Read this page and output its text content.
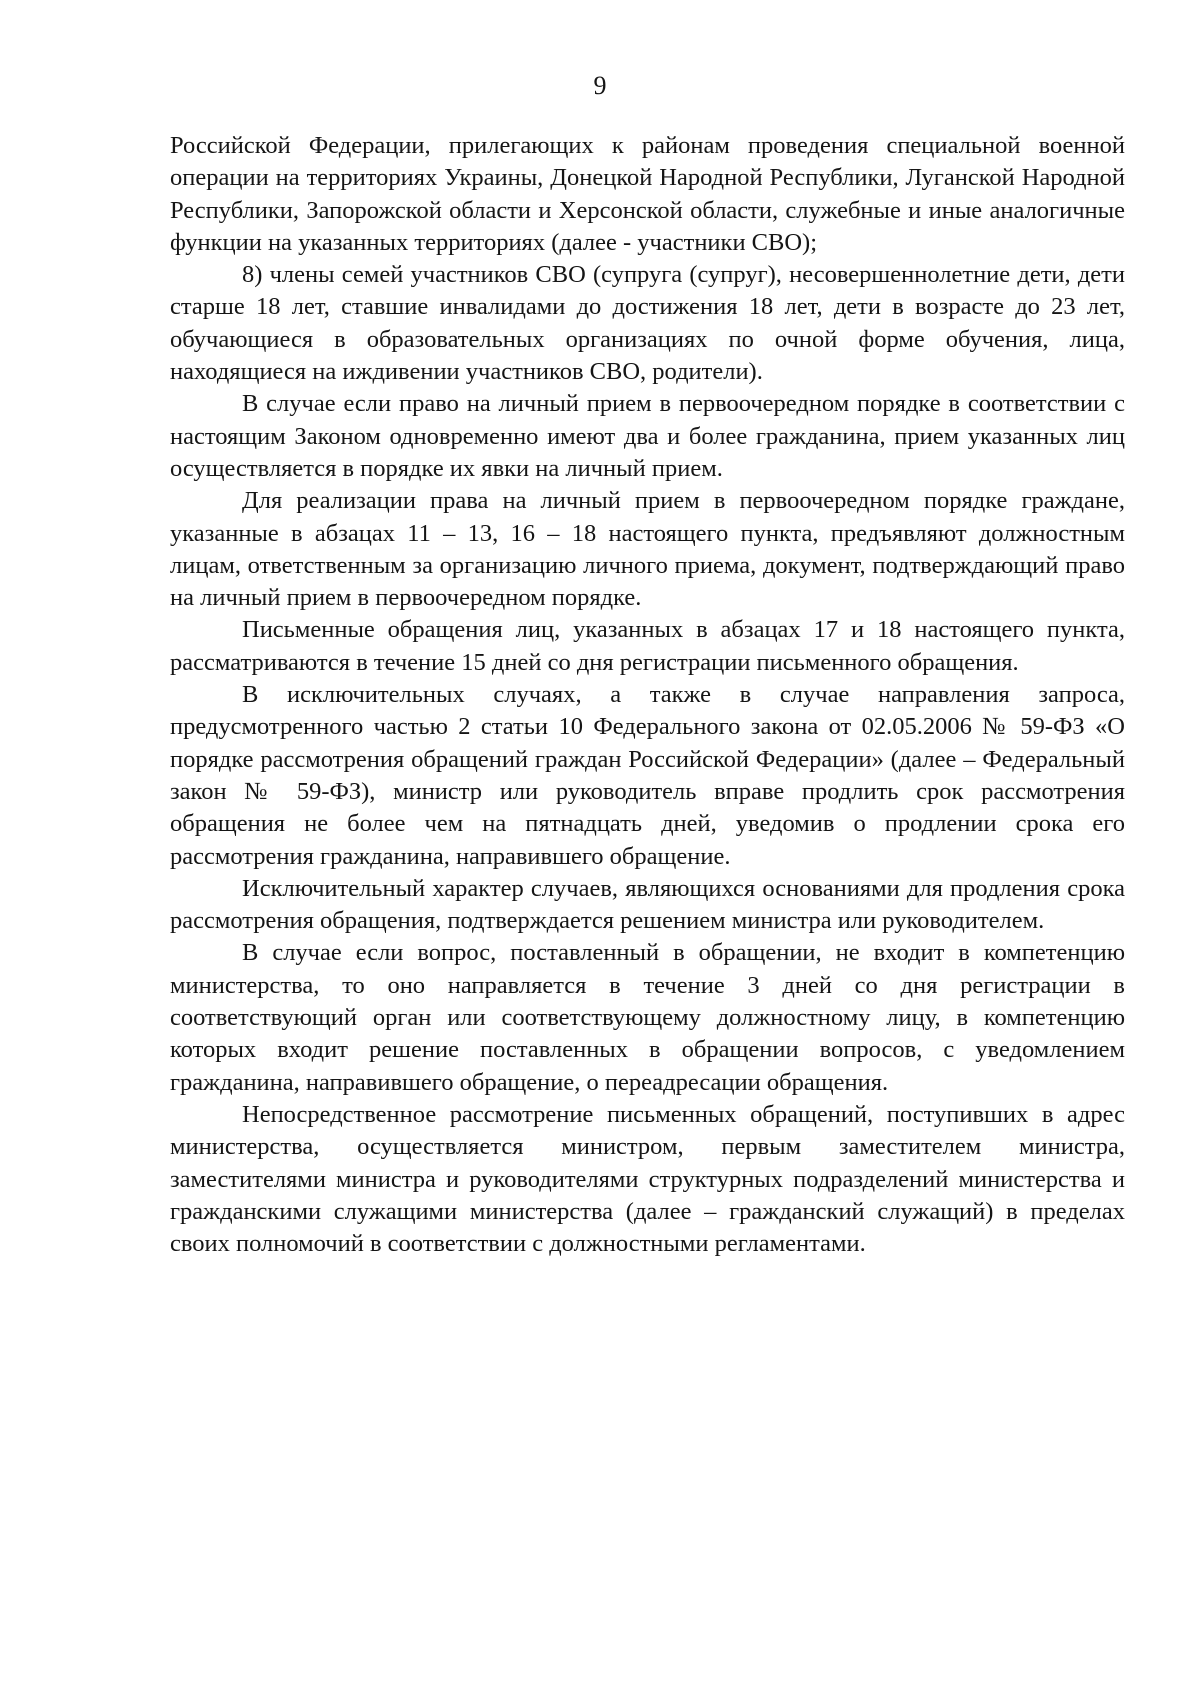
9

Российской Федерации, прилегающих к районам проведения специальной военной операции на территориях Украины, Донецкой Народной Республики, Луганской Народной Республики, Запорожской области и Херсонской области, служебные и иные аналогичные функции на указанных территориях (далее - участники СВО);

8) члены семей участников СВО (супруга (супруг), несовершеннолетние дети, дети старше 18 лет, ставшие инвалидами до достижения 18 лет, дети в возрасте до 23 лет, обучающиеся в образовательных организациях по очной форме обучения, лица, находящиеся на иждивении участников СВО, родители).

В случае если право на личный прием в первоочередном порядке в соответствии с настоящим Законом одновременно имеют два и более гражданина, прием указанных лиц осуществляется в порядке их явки на личный прием.

Для реализации права на личный прием в первоочередном порядке граждане, указанные в абзацах 11 – 13, 16 – 18 настоящего пункта, предъявляют должностным лицам, ответственным за организацию личного приема, документ, подтверждающий право на личный прием в первоочередном порядке.

Письменные обращения лиц, указанных в абзацах 17 и 18 настоящего пункта, рассматриваются в течение 15 дней со дня регистрации письменного обращения.

В исключительных случаях, а также в случае направления запроса, предусмотренного частью 2 статьи 10 Федерального закона от 02.05.2006 № 59-ФЗ «О порядке рассмотрения обращений граждан Российской Федерации» (далее – Федеральный закон № 59-ФЗ), министр или руководитель вправе продлить срок рассмотрения обращения не более чем на пятнадцать дней, уведомив о продлении срока его рассмотрения гражданина, направившего обращение.

Исключительный характер случаев, являющихся основаниями для продления срока рассмотрения обращения, подтверждается решением министра или руководителем.

В случае если вопрос, поставленный в обращении, не входит в компетенцию министерства, то оно направляется в течение 3 дней со дня регистрации в соответствующий орган или соответствующему должностному лицу, в компетенцию которых входит решение поставленных в обращении вопросов, с уведомлением гражданина, направившего обращение, о переадресации обращения.

Непосредственное рассмотрение письменных обращений, поступивших в адрес министерства, осуществляется министром, первым заместителем министра, заместителями министра и руководителями структурных подразделений министерства и гражданскими служащими министерства (далее – гражданский служащий) в пределах своих полномочий в соответствии с должностными регламентами.
